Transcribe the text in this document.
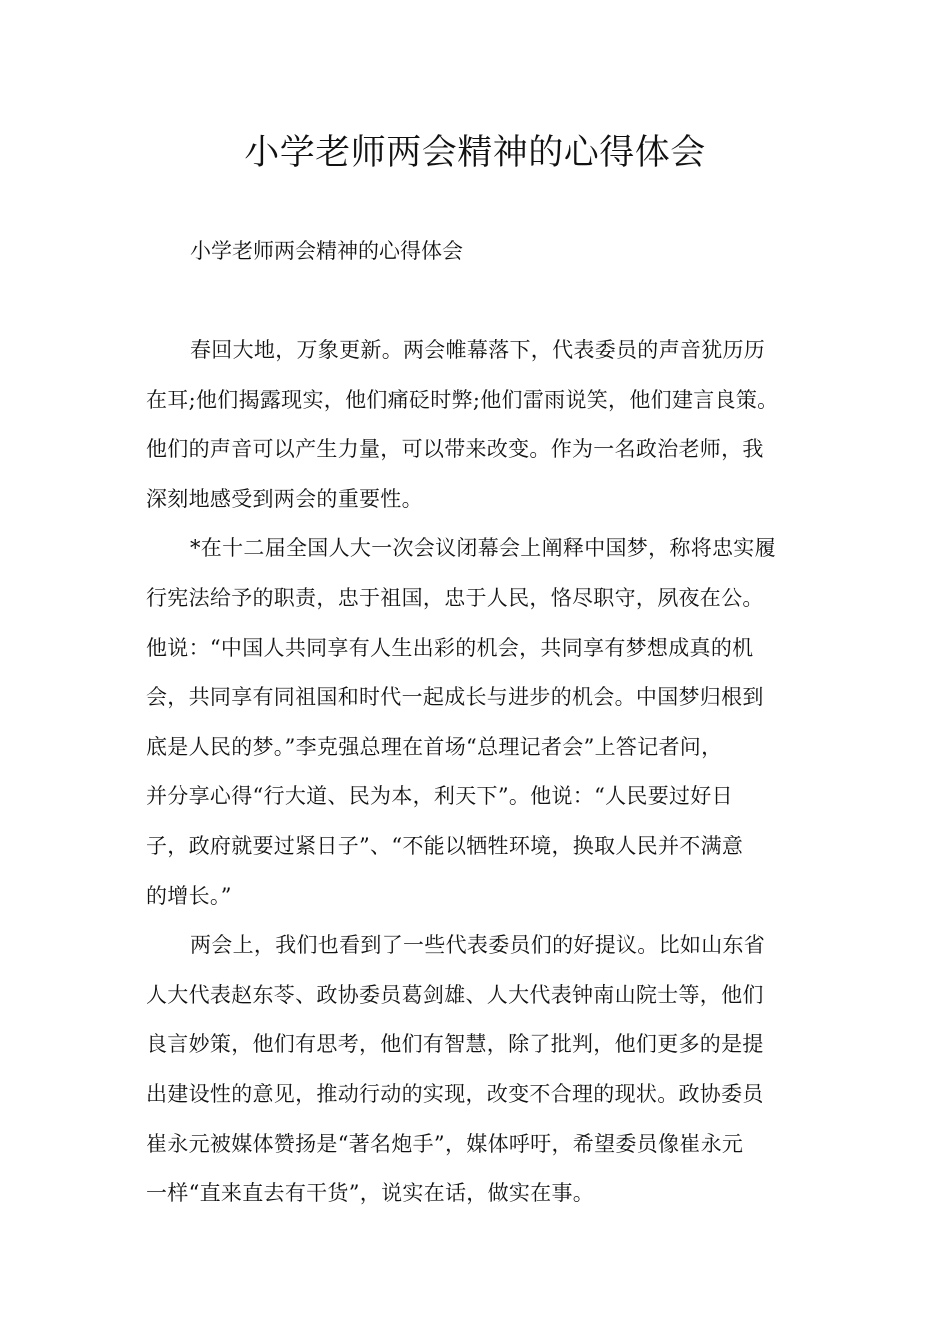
小学老师两会精神的心得体会

小学老师两会精神的心得体会

春回大地，万象更新。两会帷幕落下，代表委员的声音犹历历
在耳;他们揭露现实，他们痛砭时弊;他们雷雨说笑，他们建言良策。
他们的声音可以产生力量，可以带来改变。作为一名政治老师，我
深刻地感受到两会的重要性。

*在十二届全国人大一次会议闭幕会上阐释中国梦，称将忠实履
行宪法给予的职责，忠于祖国，忠于人民，恪尽职守，夙夜在公。
他说：“中国人共同享有人生出彩的机会，共同享有梦想成真的机
会，共同享有同祖国和时代一起成长与进步的机会。中国梦归根到
底是人民的梦。”李克强总理在首场“总理记者会”上答记者问，
并分享心得“行大道、民为本，利天下”。他说：“人民要过好日
子，政府就要过紧日子”、“不能以牺牲环境，换取人民并不满意
的增长。”

两会上，我们也看到了一些代表委员们的好提议。比如山东省
人大代表赵东苓、政协委员葛剑雄、人大代表钟南山院士等，他们
良言妙策，他们有思考，他们有智慧，除了批判，他们更多的是提
出建设性的意见，推动行动的实现，改变不合理的现状。政协委员
崔永元被媒体赞扬是“著名炮手”，媒体呼吁，希望委员像崔永元
一样“直来直去有干货”，说实在话，做实在事。
